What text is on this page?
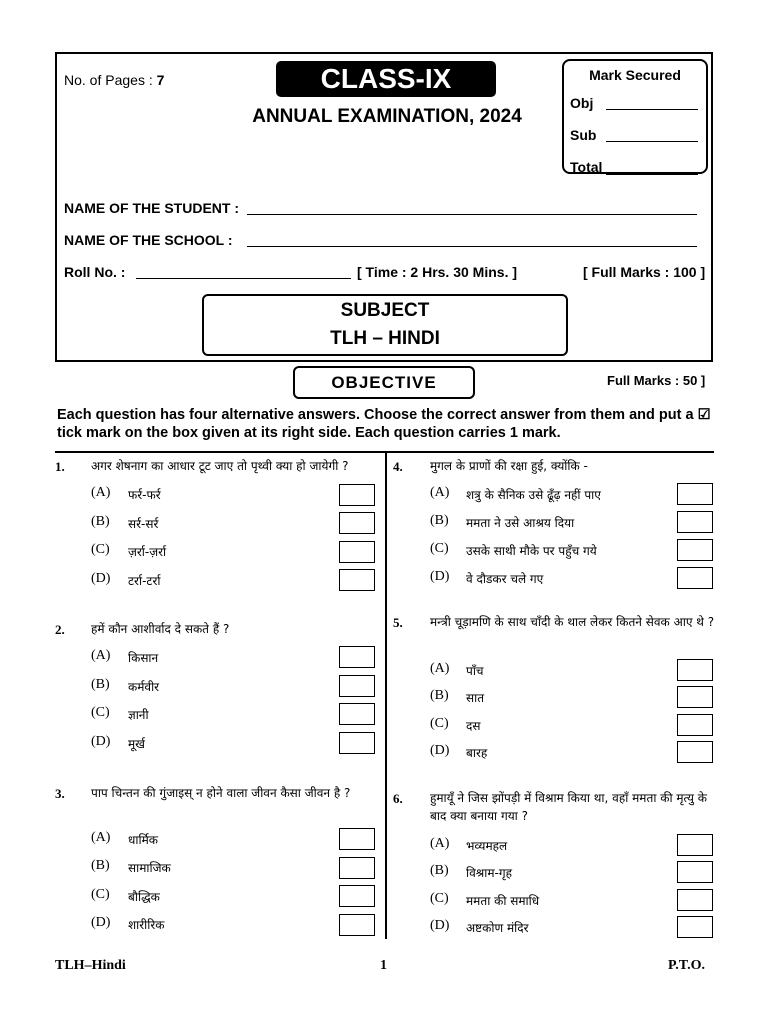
No. of Pages : 7	CLASS-IX
ANNUAL EXAMINATION, 2024
Mark Secured
Obj
Sub
Total
NAME OF THE STUDENT :
NAME OF THE SCHOOL :
Roll No. :	[ Time : 2 Hrs. 30 Mins. ]	[ Full Marks : 100 ]
SUBJECT
TLH – HINDI
OBJECTIVE	Full Marks : 50 ]
Each question has four alternative answers. Choose the correct answer from them and put a ☑ tick mark on the box given at its right side. Each question carries 1 mark.
1. अगर शेषनाग का आधार टूट जाए तो पृथ्वी क्या हो जायेगी ?
(A) फर्र-फर्र
(B) सर्र-सर्र
(C) ज़र्रा-ज़र्रा
(D) टर्रा-टर्रा
2. हमें कौन आशीर्वाद दे सकते हैं ?
(A) किसान
(B) कर्मवीर
(C) ज्ञानी
(D) मूर्ख
3. पाप चिन्तन की गुंजाइस् न होने वाला जीवन कैसा जीवन है ?
(A) धार्मिक
(B) सामाजिक
(C) बौद्धिक
(D) शारीरिक
4. मुगल के प्राणों की रक्षा हुई, क्योंकि -
(A) शत्रु के सैनिक उसे ढूँढ़ नहीं पाए
(B) ममता ने उसे आश्रय दिया
(C) उसके साथी मौके पर पहुँच गये
(D) वे दौडकर चले गए
5. मन्त्री चूड़ामणि के साथ चाँदी के थाल लेकर कितने सेवक आए थे ?
(A) पाँच
(B) सात
(C) दस
(D) बारह
6. हुमायूँ ने जिस झोंपड़ी में विश्राम किया था, वहाँ ममता की मृत्यु के बाद क्या बनाया गया ?
(A) भव्यमहल
(B) विश्राम-गृह
(C) ममता की समाधि
(D) अष्टकोण मंदिर
TLH–Hindi	1	P.T.O.
